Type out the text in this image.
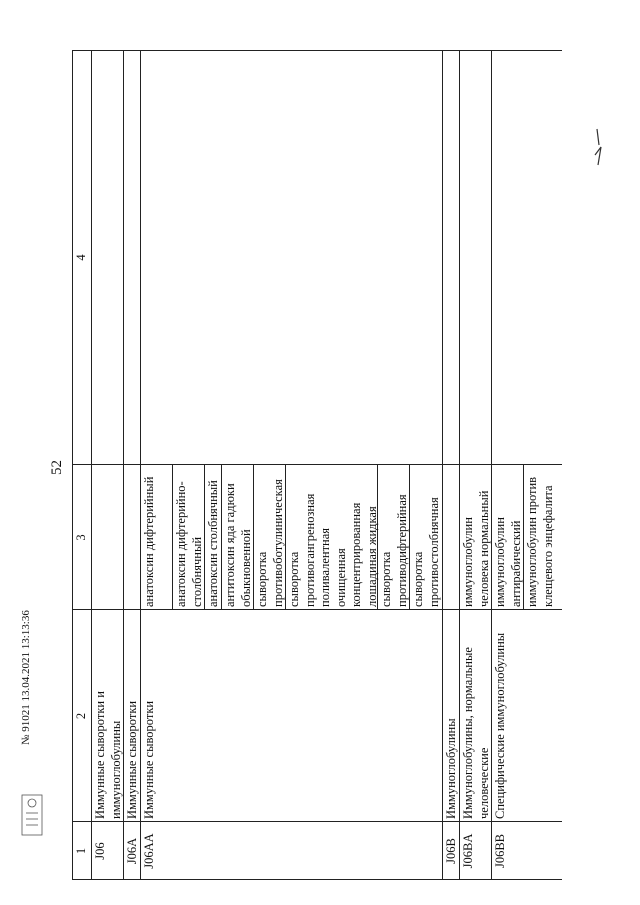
52
1
2
3
4
J06
Иммунные сыворотки и иммуноглобулины
J06A
Иммунные сыворотки
J06AA
Иммунные сыворотки
анатоксин дифтерийный	анатоксин дифтерийно-столбнячный анатоксин столбнячный антитоксин яда гадюки обыкновенной сыворотка противоботулиническая сыворотка противогангренозная поливалентная очищенная концентрированная лошадиная жидкая сыворотка противодифтерийная сыворотка противостолбнячная
J06B
Иммуноглобулины
J06BA
Иммуноглобулины, нормальные человеческие
иммуноглобулин человека нормальный
J06BB
Специфические иммуноглобулины
иммуноглобулин антирабический иммуноглобулин против клещевого энцефалита
№ 91021 13.04.2021 13:13:36
